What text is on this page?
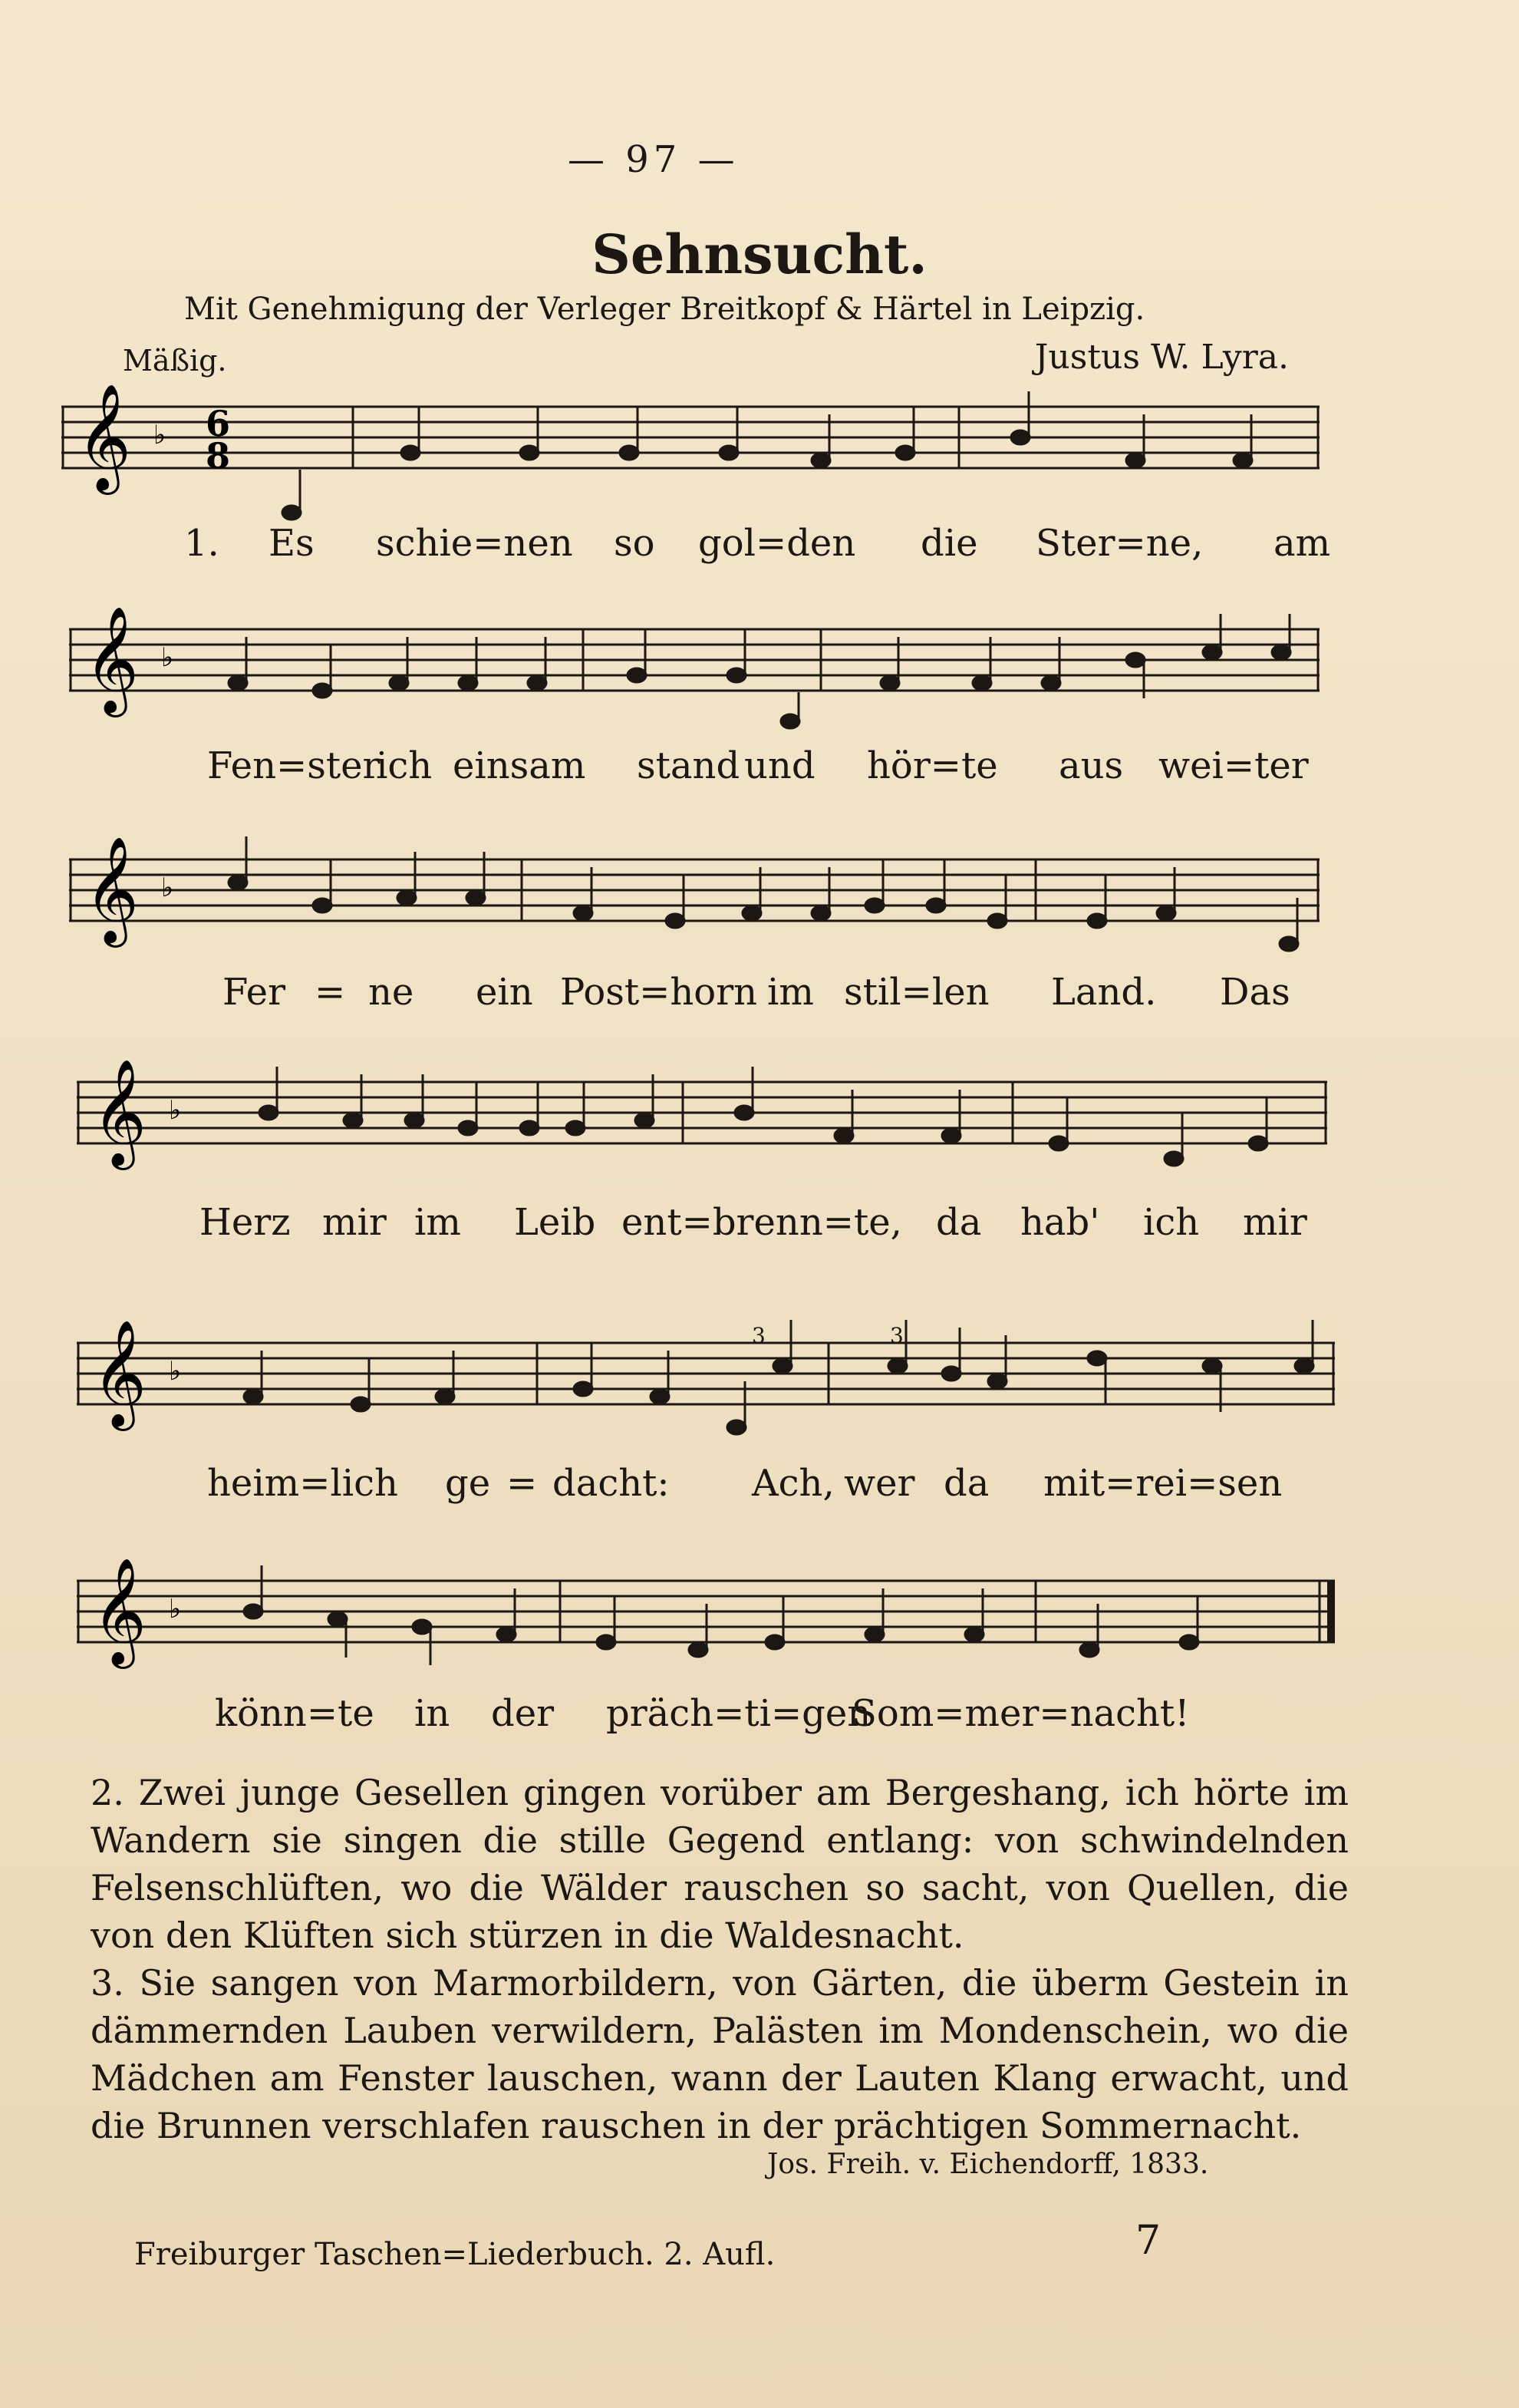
— 97 —
Sehnsucht.
Mit Genehmigung der Verleger Breitkopf & Härtel in Leipzig.
Mäßig.	Justus W. Lyra.
𝄞 ♭ 6
8
1. Es schie=nen so gol=den die Ster=ne, am
𝄞 ♭
Fen=ster
ich einsam stand und hör=te aus wei=ter
𝄞 ♭
Fer = ne ein Post=horn im stil=len Land. Das
𝄞 ♭
Herz mir im Leib ent=brenn=te, da hab' ich mir
𝄞 ♭
3	3
heim=lich ge = dacht: Ach, wer da mit=rei=sen
𝄞 ♭
könn=te in der präch=ti=gen
Som=mer=nacht!

2. Zwei junge Gesellen gingen vorüber am Bergeshang, ich hörte im Wandern sie singen die stille Gegend entlang: von schwindelnden Felsenschlüften, wo die Wälder rauschen so sacht, von Quellen, die von den Klüften sich stürzen in die Waldesnacht.

3. Sie sangen von Marmorbildern, von Gärten, die überm Gestein in dämmernden Lauben verwildern, Palästen im Mondenschein, wo die Mädchen am Fenster lauschen, wann der Lauten Klang erwacht, und die Brunnen verschlafen rauschen in der prächtigen Sommernacht.

Jos. Freih. v. Eichendorff, 1833.
Freiburger Taschen=Liederbuch. 2. Aufl.	7
